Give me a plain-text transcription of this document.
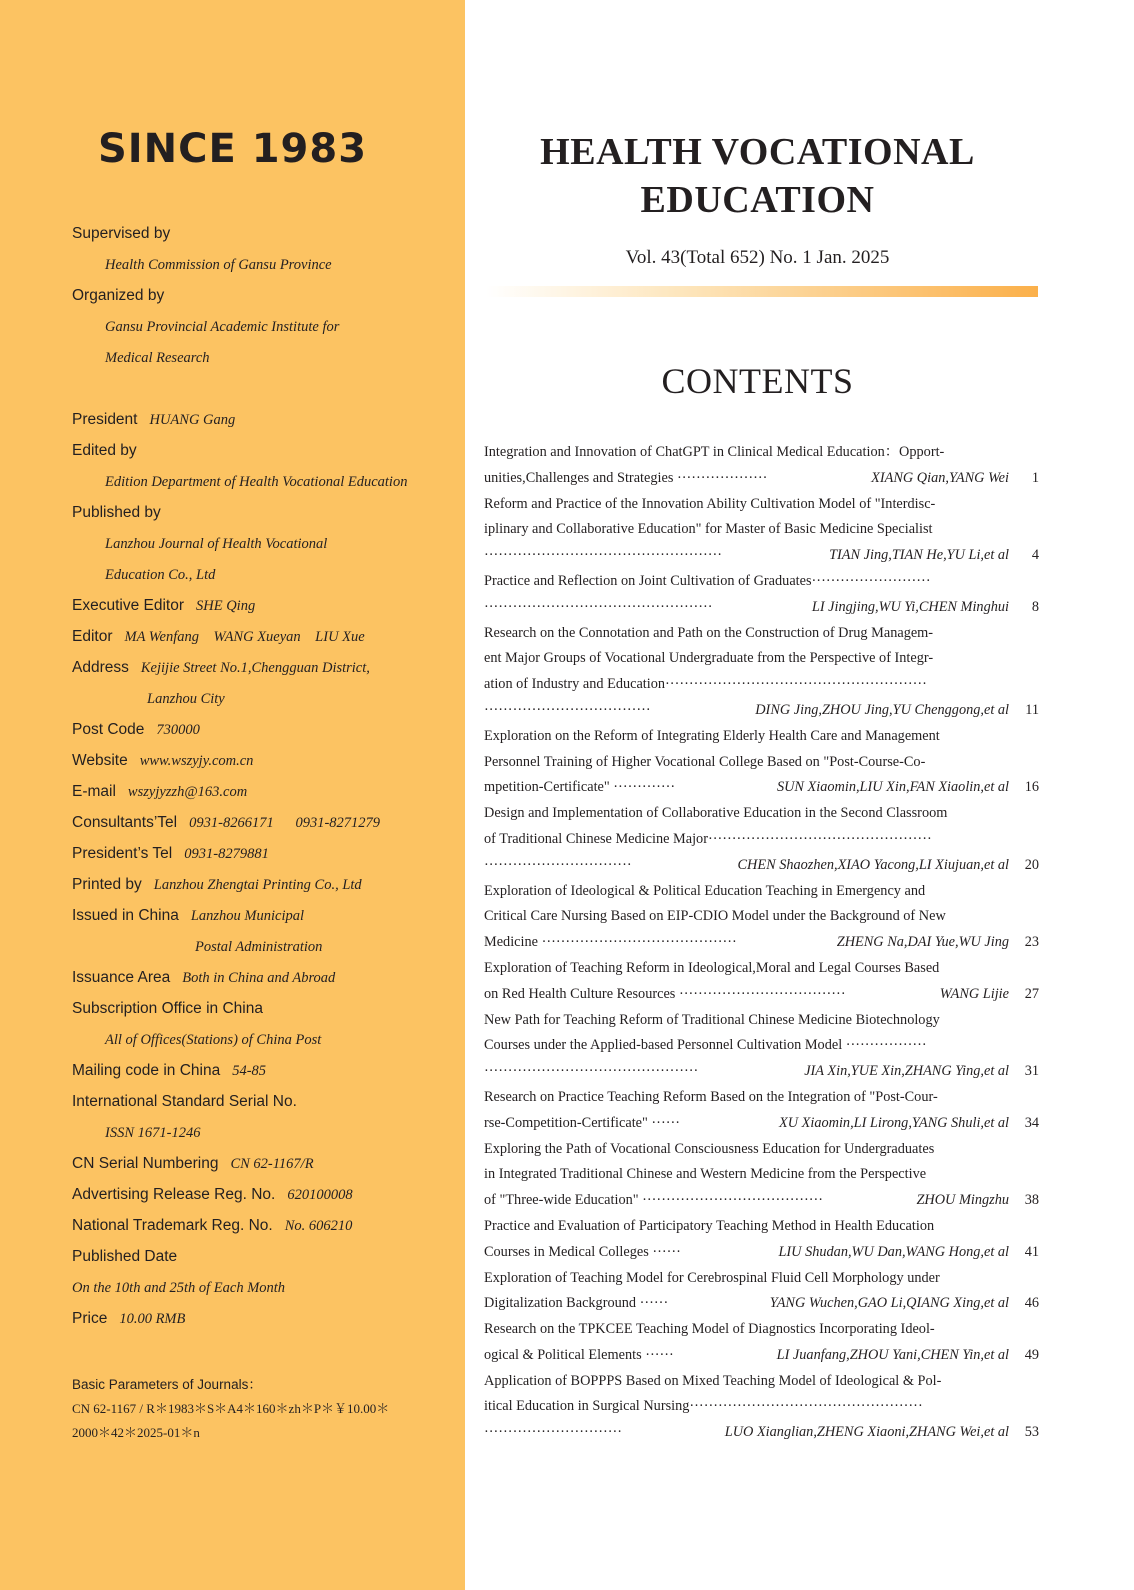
SINCE 1983
Supervised by
Health Commission of Gansu Province
Organized by
Gansu Provincial Academic Institute for
Medical Research
President HUANG Gang
Edited by
Edition Department of Health Vocational Education
Published by
Lanzhou Journal of Health Vocational
Education Co., Ltd
Executive Editor SHE Qing
Editor MA Wenfang    WANG Xueyan    LIU Xue
Address Kejijie Street No.1,Chengguan District,
Lanzhou City
Post Code 730000
Website www.wszyjy.com.cn
E-mail wszyjyzzh@163.com
Consultants’Tel 0931-8266171      0931-8271279
President’s Tel 0931-8279881
Printed by Lanzhou Zhengtai Printing Co., Ltd
Issued in China Lanzhou Municipal
Postal Administration
Issuance Area Both in China and Abroad
Subscription Office in China
All of Offices(Stations) of China Post
Mailing code in China 54-85
International Standard Serial No.
ISSN 1671-1246
CN Serial Numbering CN 62-1167/R
Advertising Release Reg. No. 620100008
National Trademark Reg. No. No. 606210
Published Date
On the 10th and 25th of Each Month
Price 10.00 RMB
Basic Parameters of Journals：
CN 62-1167 / R＊1983＊S＊A4＊160＊zh＊P＊￥10.00＊
2000＊42＊2025-01＊n
HEALTH VOCATIONAL
EDUCATION
Vol. 43(Total 652) No. 1 Jan. 2025
CONTENTS
Integration and Innovation of ChatGPT in Clinical Medical Education：Opport-
unities,Challenges and Strategies ···················	XIANG Qian,YANG Wei	1
Reform and Practice of the Innovation Ability Cultivation Model of "Interdisc-
iplinary and Collaborative Education" for Master of Basic Medicine Specialist
··················································	TIAN Jing,TIAN He,YU Li,et al	4
Practice and Reflection on Joint Cultivation of Graduates·························
················································	LI Jingjing,WU Yi,CHEN Minghui	8
Research on the Connotation and Path on the Construction of Drug Managem-
ent Major Groups of Vocational Undergraduate from the Perspective of Integr-
ation of Industry and Education·······················································
···································	DING Jing,ZHOU Jing,YU Chenggong,et al	11
Exploration on the Reform of Integrating Elderly Health Care and Management
Personnel Training of Higher Vocational College Based on "Post-Course-Co-
mpetition-Certificate" ·············	SUN Xiaomin,LIU Xin,FAN Xiaolin,et al	16
Design and Implementation of Collaborative Education in the Second Classroom
of Traditional Chinese Medicine Major···············································
·······························	CHEN Shaozhen,XIAO Yacong,LI Xiujuan,et al	20
Exploration of Ideological & Political Education Teaching in Emergency and
Critical Care Nursing Based on EIP-CDIO Model under the Background of New
Medicine ·········································	ZHENG Na,DAI Yue,WU Jing	23
Exploration of Teaching Reform in Ideological,Moral and Legal Courses Based
on Red Health Culture Resources ···································	WANG Lijie	27
New Path for Teaching Reform of Traditional Chinese Medicine Biotechnology
Courses under the Applied-based Personnel Cultivation Model ·················
·············································	JIA Xin,YUE Xin,ZHANG Ying,et al	31
Research on Practice Teaching Reform Based on the Integration of "Post-Cour-
rse-Competition-Certificate" ······	XU Xiaomin,LI Lirong,YANG Shuli,et al	34
Exploring the Path of Vocational Consciousness Education for Undergraduates
in Integrated Traditional Chinese and Western Medicine from the Perspective
of "Three-wide Education" ······································	ZHOU Mingzhu	38
Practice and Evaluation of Participatory Teaching Method in Health Education
Courses in Medical Colleges ······	LIU Shudan,WU Dan,WANG Hong,et al	41
Exploration of Teaching Model for Cerebrospinal Fluid Cell Morphology under
Digitalization Background ······	YANG Wuchen,GAO Li,QIANG Xing,et al	46
Research on the TPKCEE Teaching Model of Diagnostics Incorporating Ideol-
ogical & Political Elements ······	LI Juanfang,ZHOU Yani,CHEN Yin,et al	49
Application of BOPPPS Based on Mixed Teaching Model of Ideological & Pol-
itical Education in Surgical Nursing·················································
·····························	LUO Xianglian,ZHENG Xiaoni,ZHANG Wei,et al	53
